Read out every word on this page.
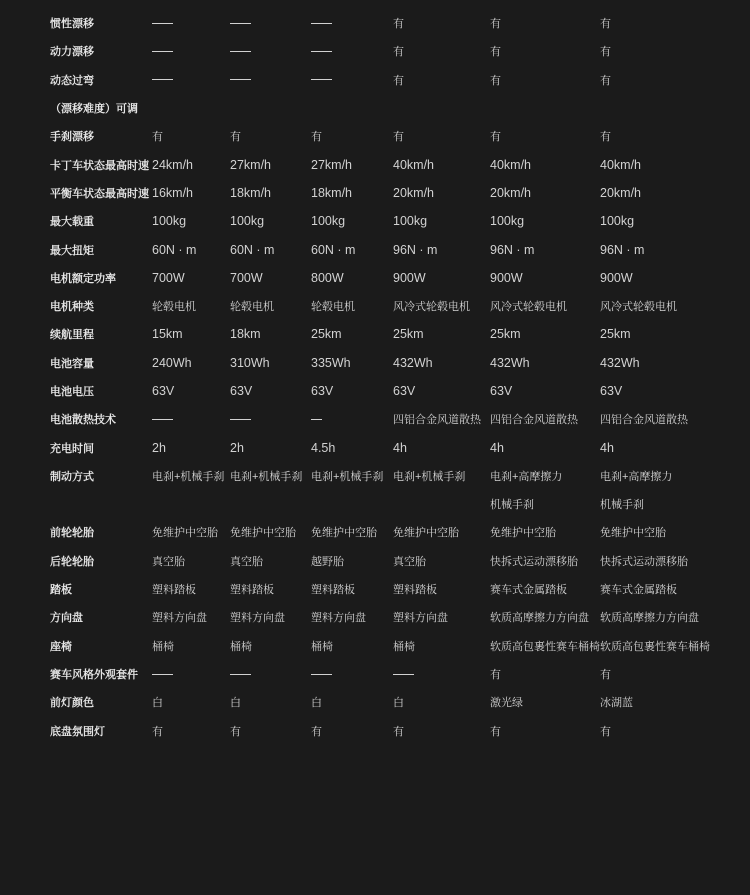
惯性漂移				有	有	有
动力漂移				有	有	有
动态过弯				有	有	有
（漂移难度）可调						
手刹漂移	有	有	有	有	有	有
卡丁车状态最高时速	24km/h	27km/h	27km/h	40km/h	40km/h	40km/h
平衡车状态最高时速	16km/h	18km/h	18km/h	20km/h	20km/h	20km/h
最大载重	100kg	100kg	100kg	100kg	100kg	100kg
最大扭矩	60N · m	60N · m	60N · m	96N · m	96N · m	96N · m
电机额定功率	700W	700W	800W	900W	900W	900W
电机种类	轮毂电机	轮毂电机	轮毂电机	风冷式轮毂电机	风冷式轮毂电机	风冷式轮毂电机
续航里程	15km	18km	25km	25km	25km	25km
电池容量	240Wh	310Wh	335Wh	432Wh	432Wh	432Wh
电池电压	63V	63V	63V	63V	63V	63V
电池散热技术				四铝合金风道散热	四铝合金风道散热	四铝合金风道散热
充电时间	2h	2h	4.5h	4h	4h	4h
制动方式	电刹+机械手刹	电刹+机械手刹	电刹+机械手刹	电刹+机械手刹	电刹+高摩擦力	电刹+高摩擦力
					机械手刹	机械手刹
前轮轮胎	免维护中空胎	免维护中空胎	免维护中空胎	免维护中空胎	免维护中空胎	免维护中空胎
后轮轮胎	真空胎	真空胎	越野胎	真空胎	快拆式运动漂移胎	快拆式运动漂移胎
踏板	塑料踏板	塑料踏板	塑料踏板	塑料踏板	赛车式金属踏板	赛车式金属踏板
方向盘	塑料方向盘	塑料方向盘	塑料方向盘	塑料方向盘	软质高摩擦力方向盘	软质高摩擦力方向盘
座椅	桶椅	桶椅	桶椅	桶椅	软质高包裹性赛车桶椅	软质高包裹性赛车桶椅
赛车风格外观套件					有	有
前灯颜色	白	白	白	白	激光绿	冰湖蓝
底盘氛围灯	有	有	有	有	有	有
